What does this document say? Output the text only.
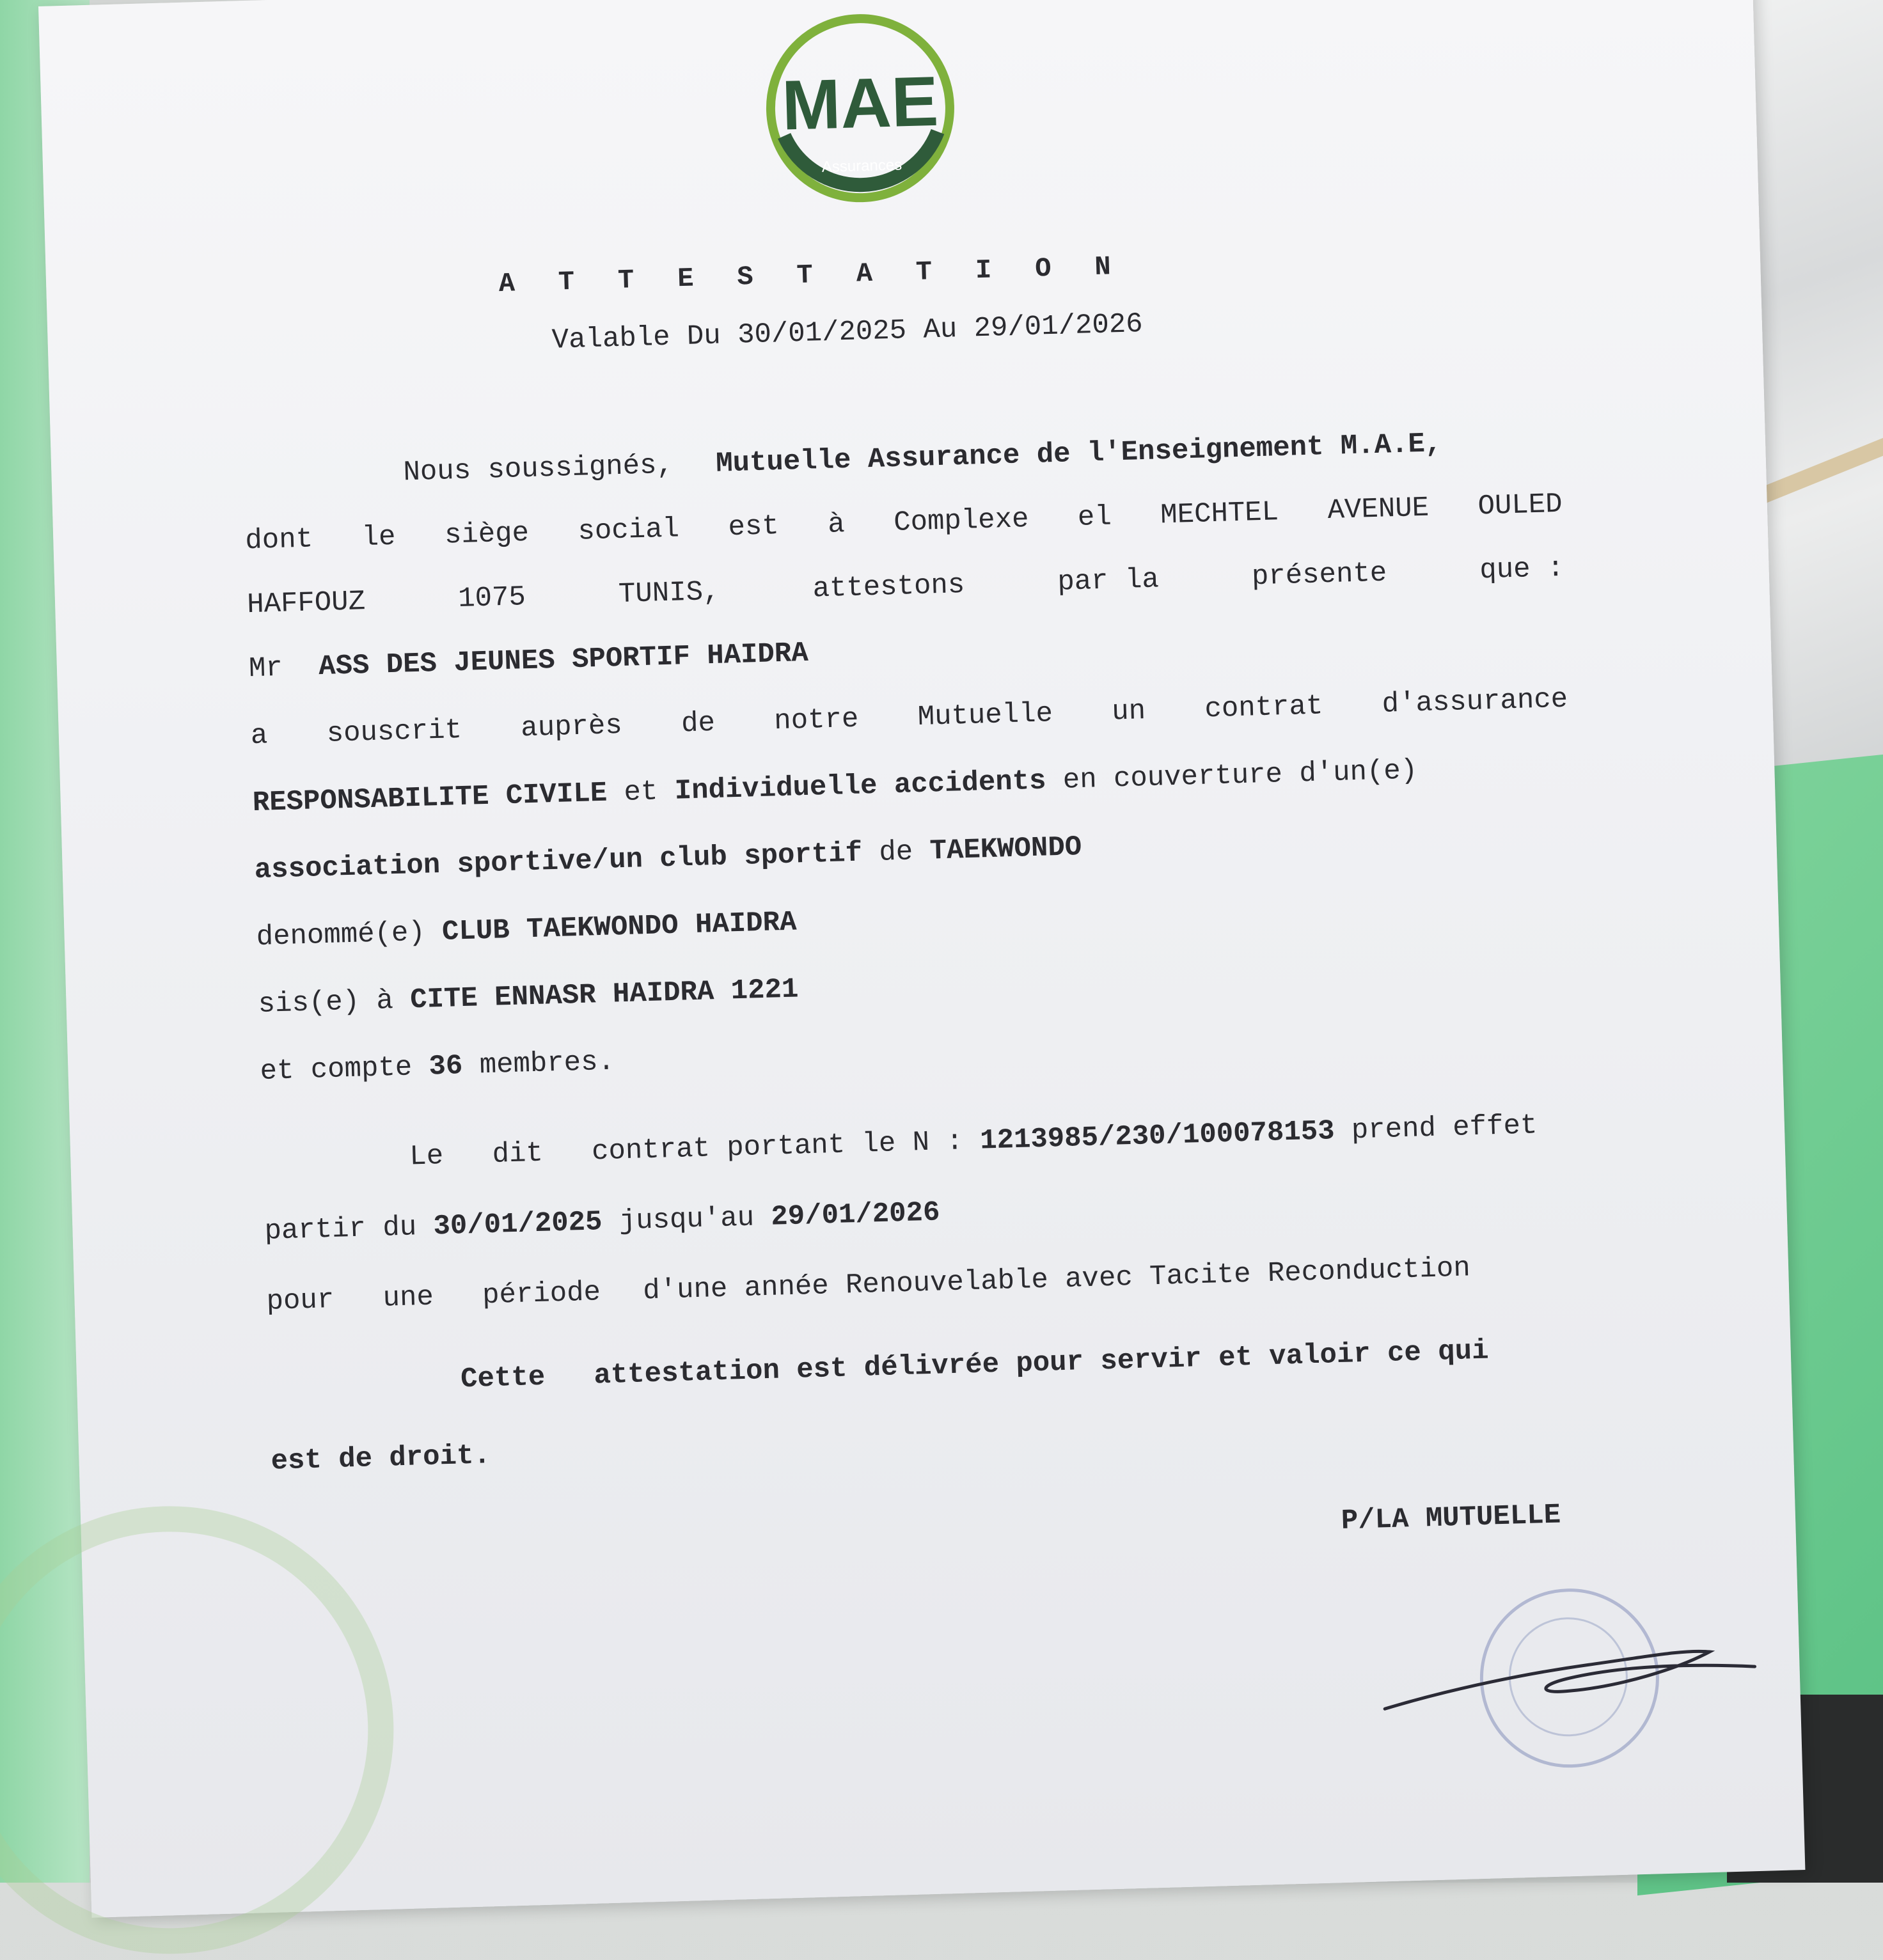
MAE
Assurances
ATTESTATION
Valable Du 30/01/2025 Au 29/01/2026
Nous soussignés, Mutuelle Assurance de l'Enseignement M.A.E,
dont le siège social est à Complexe el MECHTEL AVENUE OULED
HAFFOUZ	1075	TUNIS,	attestons	par la	présente	que :
Mr ASS DES JEUNES SPORTIF HAIDRA
a souscrit auprès de notre Mutuelle un contrat d'assurance
RESPONSABILITE CIVILE et Individuelle accidents en couverture d'un(e)
association sportive/un club sportif de TAEKWONDO
denommé(e) CLUB TAEKWONDO HAIDRA
sis(e) à CITE ENNASR HAIDRA 1221
et compte 36 membres.
Le dit contrat portant le N : 1213985/230/100078153 prend effet
partir du 30/01/2025 jusqu'au 29/01/2026
pour une période d'une année Renouvelable avec Tacite Reconduction
Cette attestation est délivrée pour servir et valoir ce qui
est de droit.
P/LA MUTUELLE
